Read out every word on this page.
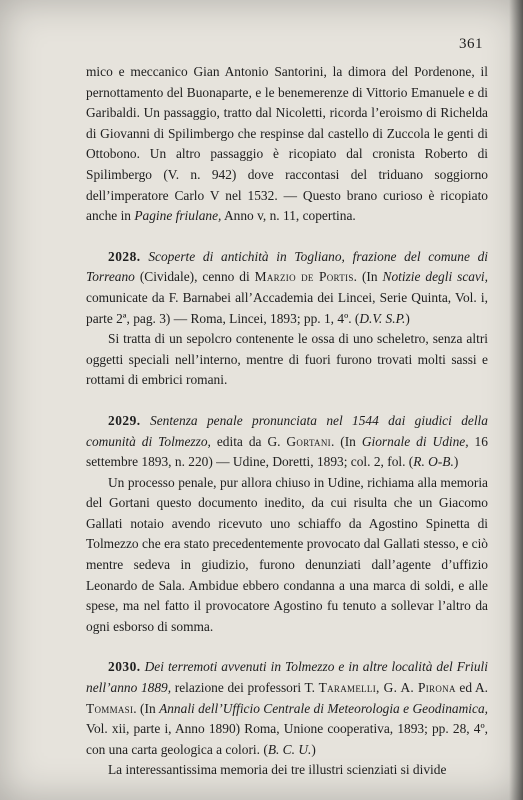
361

mico e meccanico Gian Antonio Santorini, la dimora del Pordenone, il pernottamento del Buonaparte, e le benemerenze di Vittorio Emanuele e di Garibaldi. Un passaggio, tratto dal Nicoletti, ricorda l’eroismo di Richelda di Giovanni di Spilimbergo che respinse dal castello di Zuccola le genti di Ottobono. Un altro passaggio è ricopiato dal cronista Roberto di Spilimbergo (V. n. 942) dove raccontasi del triduano soggiorno dell’imperatore Carlo V nel 1532. — Questo brano curioso è ricopiato anche in Pagine friulane, Anno v, n. 11, copertina.

2028. Scoperte di antichità in Togliano, frazione del comune di Torreano (Cividale), cenno di Marzio de Portis. (In Notizie degli scavi, comunicate da F. Barnabei all’Accademia dei Lincei, Serie Quinta, Vol. i, parte 2ª, pag. 3) — Roma, Lincei, 1893; pp. 1, 4º. (D.V. S.P.)

Si tratta di un sepolcro contenente le ossa di uno scheletro, senza altri oggetti speciali nell’interno, mentre di fuori furono trovati molti sassi e rottami di embrici romani.

2029. Sentenza penale pronunciata nel 1544 dai giudici della comunità di Tolmezzo, edita da G. Gortani. (In Giornale di Udine, 16 settembre 1893, n. 220) — Udine, Doretti, 1893; col. 2, fol. (R. O-B.)

Un processo penale, pur allora chiuso in Udine, richiama alla memoria del Gortani questo documento inedito, da cui risulta che un Giacomo Gallati notaio avendo ricevuto uno schiaffo da Agostino Spinetta di Tolmezzo che era stato precedentemente provocato dal Gallati stesso, e ciò mentre sedeva in giudizio, furono denunziati dall’agente d’uffizio Leonardo de Sala. Ambidue ebbero condanna a una marca di soldi, e alle spese, ma nel fatto il provocatore Agostino fu tenuto a sollevar l’altro da ogni esborso di somma.

2030. Dei terremoti avvenuti in Tolmezzo e in altre località del Friuli nell’anno 1889, relazione dei professori T. Taramelli, G. A. Pirona ed A. Tommasi. (In Annali dell’Ufficio Centrale di Meteorologia e Geodinamica, Vol. xii, parte i, Anno 1890) Roma, Unione cooperativa, 1893; pp. 28, 4º, con una carta geologica a colori. (B. C. U.)

La interessantissima memoria dei tre illustri scienziati si divide
